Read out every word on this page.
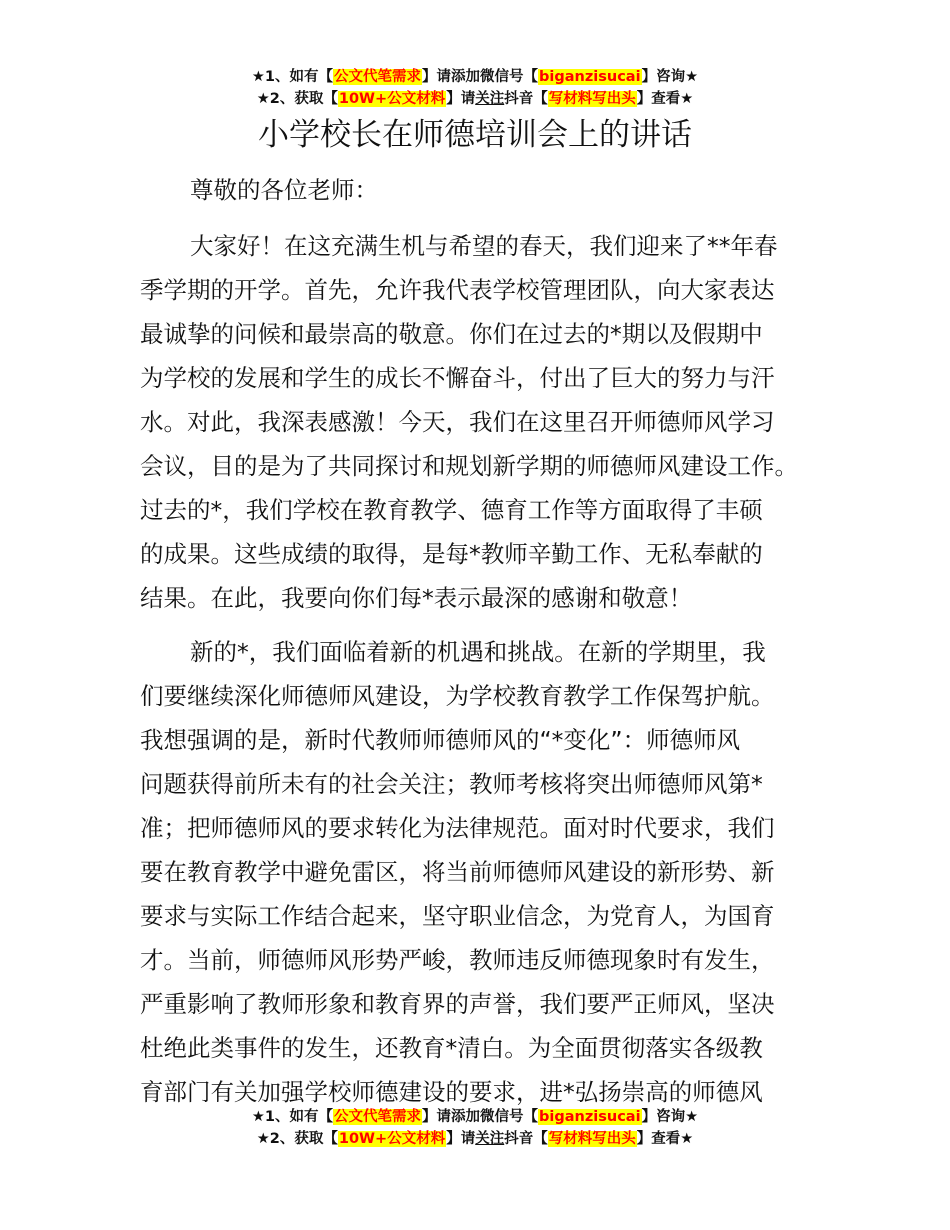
★1、如有【公文代笔需求】请添加微信号【biganzisucai】咨询★
★2、获取【10W+公文材料】请关注抖音【写材料写出头】查看★
小学校长在师德培训会上的讲话

尊敬的各位老师：

大家好！在这充满生机与希望的春天，我们迎来了**年春
季学期的开学。首先，允许我代表学校管理团队，向大家表达
最诚挚的问候和最崇高的敬意。你们在过去的*期以及假期中
为学校的发展和学生的成长不懈奋斗，付出了巨大的努力与汗
水。对此，我深表感激！今天，我们在这里召开师德师风学习
会议，目的是为了共同探讨和规划新学期的师德师风建设工作。
过去的*，我们学校在教育教学、德育工作等方面取得了丰硕
的成果。这些成绩的取得，是每*教师辛勤工作、无私奉献的
结果。在此，我要向你们每*表示最深的感谢和敬意！
新的*，我们面临着新的机遇和挑战。在新的学期里，我
们要继续深化师德师风建设，为学校教育教学工作保驾护航。
我想强调的是，新时代教师师德师风的“*变化”：师德师风
问题获得前所未有的社会关注；教师考核将突出师德师风第*
准；把师德师风的要求转化为法律规范。面对时代要求，我们
要在教育教学中避免雷区，将当前师德师风建设的新形势、新
要求与实际工作结合起来，坚守职业信念，为党育人，为国育
才。当前，师德师风形势严峻，教师违反师德现象时有发生，
严重影响了教师形象和教育界的声誉，我们要严正师风，坚决
杜绝此类事件的发生，还教育*清白。为全面贯彻落实各级教
育部门有关加强学校师德建设的要求，进*弘扬崇高的师德风
★1、如有【公文代笔需求】请添加微信号【biganzisucai】咨询★
★2、获取【10W+公文材料】请关注抖音【写材料写出头】查看★
